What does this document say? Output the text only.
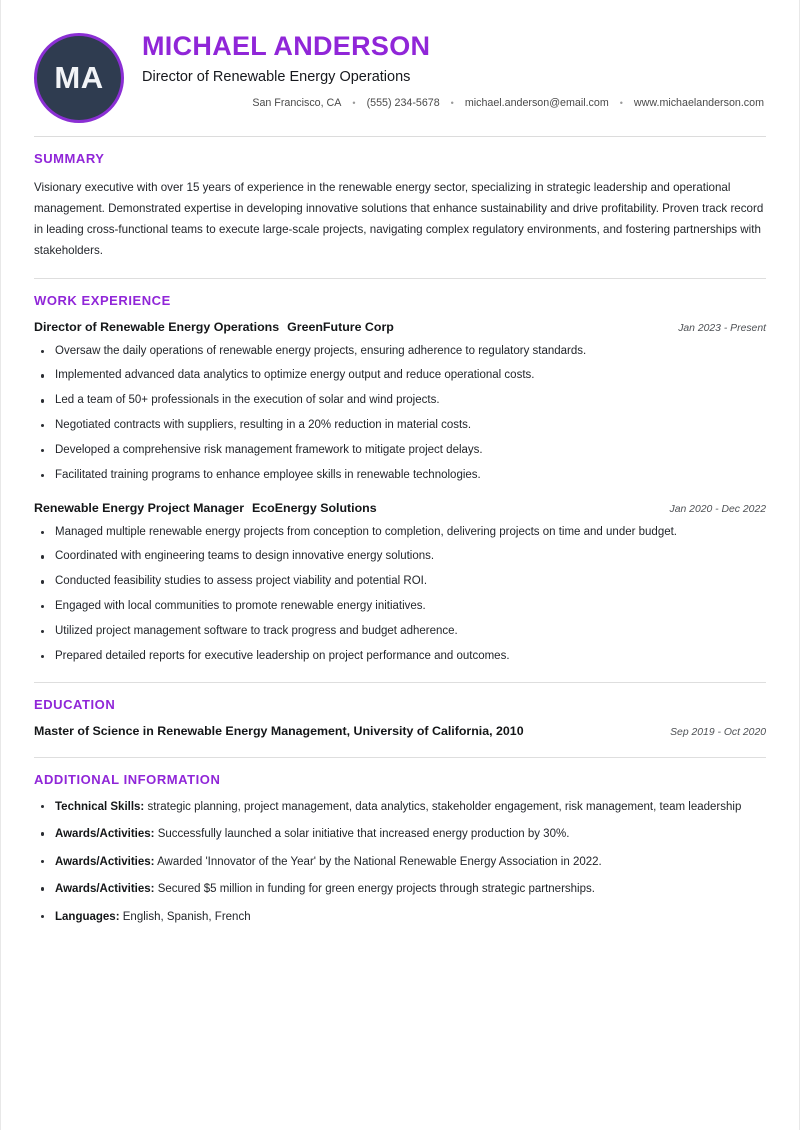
MA
MICHAEL ANDERSON
Director of Renewable Energy Operations
San Francisco, CA	•	(555) 234-5678	•	michael.anderson@email.com	•	www.michaelanderson.com
SUMMARY

Visionary executive with over 15 years of experience in the renewable energy sector, specializing in strategic leadership and operational management. Demonstrated expertise in developing innovative solutions that enhance sustainability and drive profitability. Proven track record in leading cross-functional teams to execute large-scale projects, navigating complex regulatory environments, and fostering partnerships with stakeholders.

WORK EXPERIENCE
Director of Renewable Energy Operations GreenFuture Corp	Jan 2023 - Present
Oversaw the daily operations of renewable energy projects, ensuring adherence to regulatory standards.
Implemented advanced data analytics to optimize energy output and reduce operational costs.
Led a team of 50+ professionals in the execution of solar and wind projects.
Negotiated contracts with suppliers, resulting in a 20% reduction in material costs.
Developed a comprehensive risk management framework to mitigate project delays.
Facilitated training programs to enhance employee skills in renewable technologies.
Renewable Energy Project Manager EcoEnergy Solutions	Jan 2020 - Dec 2022
Managed multiple renewable energy projects from conception to completion, delivering projects on time and under budget.
Coordinated with engineering teams to design innovative energy solutions.
Conducted feasibility studies to assess project viability and potential ROI.
Engaged with local communities to promote renewable energy initiatives.
Utilized project management software to track progress and budget adherence.
Prepared detailed reports for executive leadership on project performance and outcomes.
EDUCATION
Master of Science in Renewable Energy Management, University of California, 2010	Sep 2019 - Oct 2020
ADDITIONAL INFORMATION
Technical Skills: strategic planning, project management, data analytics, stakeholder engagement, risk management, team leadership
Awards/Activities: Successfully launched a solar initiative that increased energy production by 30%.
Awards/Activities: Awarded 'Innovator of the Year' by the National Renewable Energy Association in 2022.
Awards/Activities: Secured $5 million in funding for green energy projects through strategic partnerships.
Languages: English, Spanish, French
